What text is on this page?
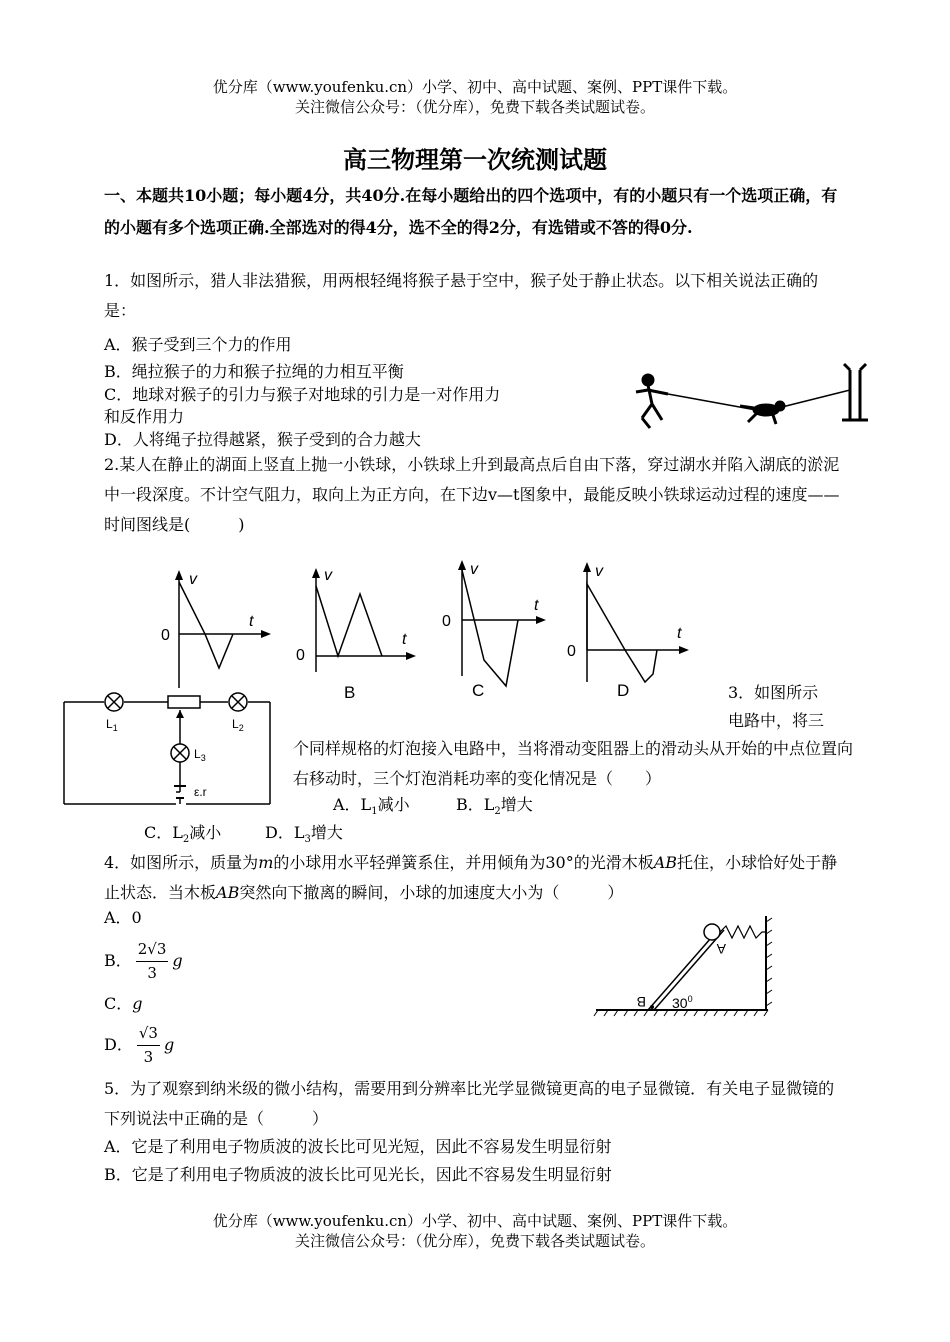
优分库（www.youfenku.cn）小学、初中、高中试题、案例、PPT课件下载。
关注微信公众号：（优分库），免费下载各类试题试卷。
高三物理第一次统测试题
一、本题共10小题；每小题4分，共40分.在每小题给出的四个选项中，有的小题只有一个选项正确，有的小题有多个选项正确.全部选对的得4分，选不全的得2分，有选错或不答的得0分.
1．如图所示，猎人非法猎猴，用两根轻绳将猴子悬于空中，猴子处于静止状态。以下相关说法正确的是：
A．猴子受到三个力的作用
B．绳拉猴子的力和猴子拉绳的力相互平衡
C．地球对猴子的引力与猴子对地球的引力是一对作用力
和反作用力
D．人将绳子拉得越紧，猴子受到的合力越大
2.某人在静止的湖面上竖直上抛一小铁球，小铁球上升到最高点后自由下落，穿过湖水并陷入湖底的淤泥中一段深度。不计空气阻力，取向上为正方向，在下边v—t图象中，最能反映小铁球运动过程的速度——时间图线是(　　　)
v
t
0
v
t
0
B
v
t
0
C
v
t
0
D
$L_1$	$L_2$
$L_3$
ε.r
3．如图所示
电路中，将三
个同样规格的灯泡接入电路中，当将滑动变阻器上的滑动头从开始的中点位置向右移动时，三个灯泡消耗功率的变化情况是（　　）
A．$L_1$减小	B．$L_2$增大
C．$L_2$减小	D．$L_3$增大
4．如图所示，质量为m的小球用水平轻弹簧系住，并用倾角为30°的光滑木板AB托住，小球恰好处于静止状态．当木板AB突然向下撤离的瞬间，小球的加速度大小为（　　　）
A．0
B． $\frac{2√3}{3}$ g
C．g
D． $\frac{√3}{3}$ g
A
B $30^0$
5．为了观察到纳米级的微小结构，需要用到分辨率比光学显微镜更高的电子显微镜．有关电子显微镜的下列说法中正确的是（　　　）
A．它是了利用电子物质波的波长比可见光短，因此不容易发生明显衍射
B．它是了利用电子物质波的波长比可见光长，因此不容易发生明显衍射
优分库（www.youfenku.cn）小学、初中、高中试题、案例、PPT课件下载。
关注微信公众号：（优分库），免费下载各类试题试卷。
